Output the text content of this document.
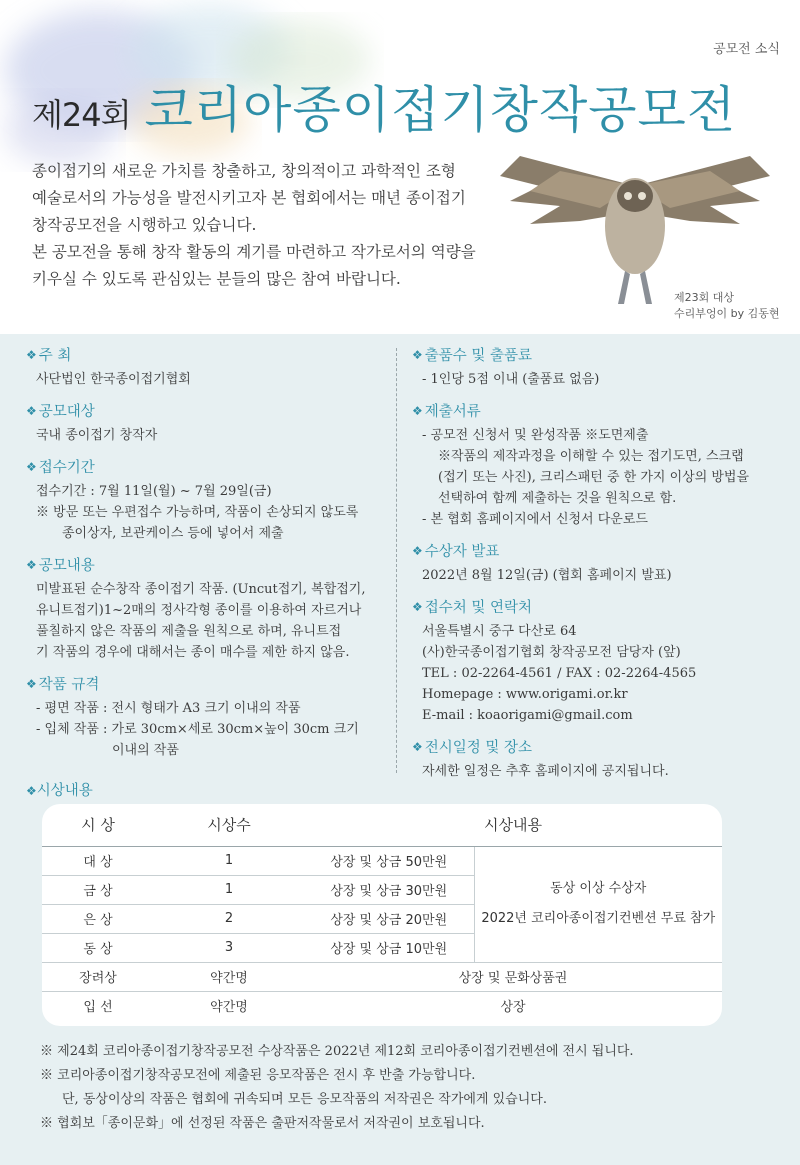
공모전 소식
제24회 코리아종이접기창작공모전
종이접기의 새로운 가치를 창출하고, 창의적이고 과학적인 조형
예술로서의 가능성을 발전시키고자 본 협회에서는 매년 종이접기
창작공모전을 시행하고 있습니다.
본 공모전을 통해 창작 활동의 계기를 마련하고 작가로서의 역량을
키우실 수 있도록 관심있는 분들의 많은 참여 바랍니다.
제23회 대상
수리부엉이 by 김동현
❖ 주 최
사단법인 한국종이접기협회
❖ 공모대상
국내 종이접기 창작자
❖ 접수기간
접수기간 : 7월 11일(월) ~ 7월 29일(금)
※ 방문 또는 우편접수 가능하며, 작품이 손상되지 않도록
종이상자, 보관케이스 등에 넣어서 제출
❖ 공모내용
미발표된 순수창작 종이접기 작품. (Uncut접기, 복합접기,
유니트접기)1~2매의 정사각형 종이를 이용하여 자르거나
풀칠하지 않은 작품의 제출을 원칙으로 하며, 유니트접
기 작품의 경우에 대해서는 종이 매수를 제한 하지 않음.
❖ 작품 규격
- 평면 작품 : 전시 형태가 A3 크기 이내의 작품
- 입체 작품 : 가로 30cm×세로 30cm×높이 30cm 크기
이내의 작품
❖ 출품수 및 출품료
- 1인당 5점 이내 (출품료 없음)
❖ 제출서류
- 공모전 신청서 및 완성작품 ※도면제출
※작품의 제작과정을 이해할 수 있는 접기도면, 스크랩
(접기 또는 사진), 크리스패턴 중 한 가지 이상의 방법을
선택하여 함께 제출하는 것을 원칙으로 함.
- 본 협회 홈페이지에서 신청서 다운로드
❖ 수상자 발표
2022년 8월 12일(금) (협회 홈페이지 발표)
❖ 접수처 및 연락처
서울특별시 중구 다산로 64
(사)한국종이접기협회 창작공모전 담당자 (앞)
TEL : 02-2264-4561 / FAX : 02-2264-4565
Homepage : www.origami.or.kr
E-mail : koaorigami@gmail.com
❖ 전시일정 및 장소
자세한 일정은 추후 홈페이지에 공지됩니다.
❖시상내용
시 상	시상수	시상내용	
대 상	1	상장 및 상금 50만원	동상 이상 수상자
2022년 코리아종이접기컨벤션 무료 참가

금 상	1	상장 및 상금 30만원	
은 상	2	상장 및 상금 20만원	
동 상	3	상장 및 상금 10만원	
장려상	약간명	상장 및 문화상품권	
입 선	약간명	상장	
※ 제24회 코리아종이접기창작공모전 수상작품은 2022년 제12회 코리아종이접기컨벤션에 전시 됩니다.
※ 코리아종이접기창작공모전에 제출된 응모작품은 전시 후 반출 가능합니다.
단, 동상이상의 작품은 협회에 귀속되며 모든 응모작품의 저작권은 작가에게 있습니다.
※ 협회보「종이문화」에 선정된 작품은 출판저작물로서 저작권이 보호됩니다.
